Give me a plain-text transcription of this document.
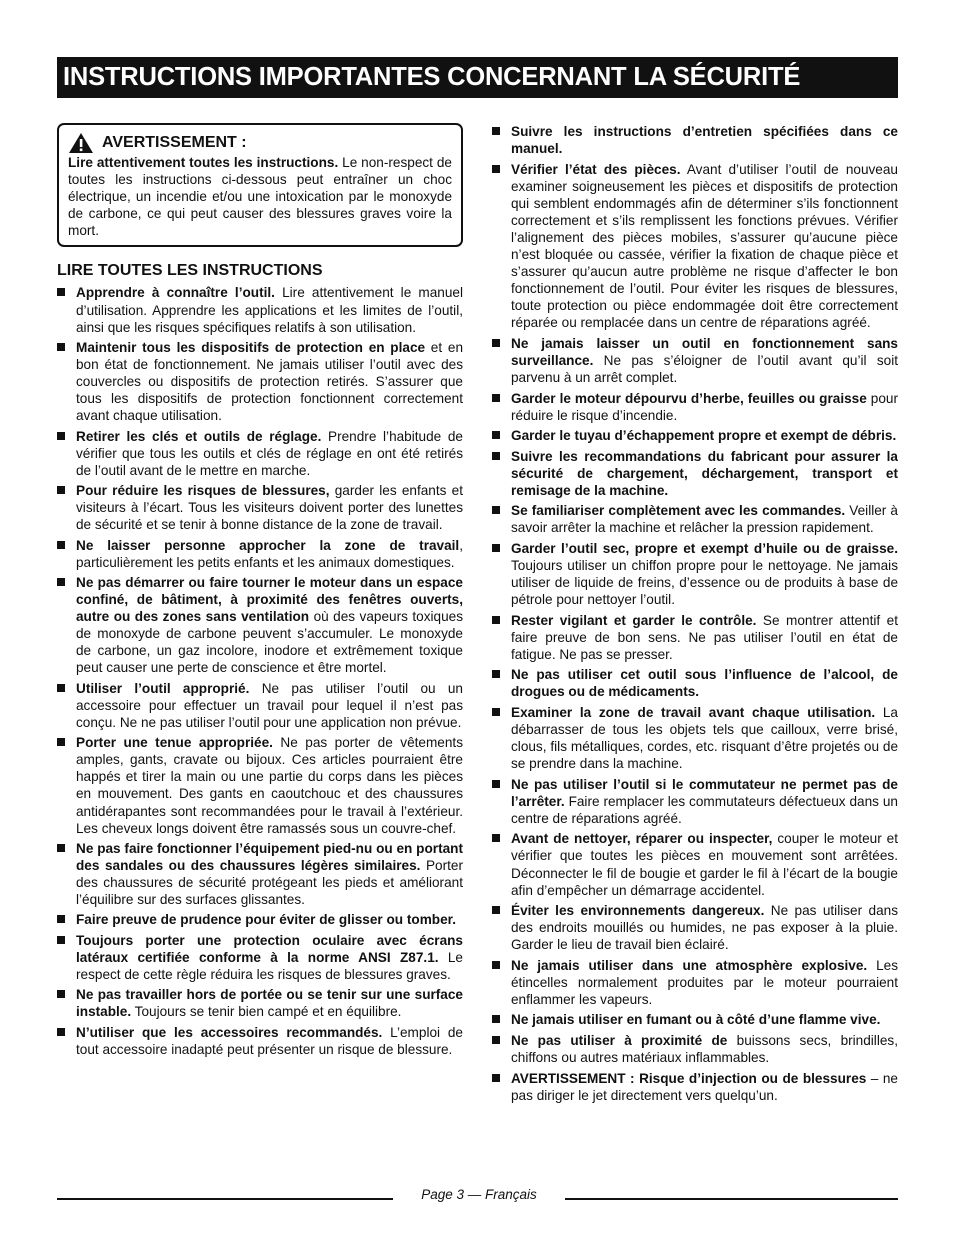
INSTRUCTIONS IMPORTANTES CONCERNANT LA SÉCURITÉ
AVERTISSEMENT :
Lire attentivement toutes les instructions. Le non-respect de toutes les instructions ci-dessous peut entraîner un choc électrique, un incendie et/ou une intoxication par le monoxyde de carbone, ce qui peut causer des blessures graves voire la mort.
LIRE TOUTES LES INSTRUCTIONS
Apprendre à connaître l’outil. Lire attentivement le manuel d’utilisation. Apprendre les applications et les limites de l’outil, ainsi que les risques spécifiques relatifs à son utilisation.
Maintenir tous les dispositifs de protection en place et en bon état de fonctionnement. Ne jamais utiliser l’outil avec des couvercles ou dispositifs de protection retirés. S’assurer que tous les dispositifs de protection fonctionnent correctement avant chaque utilisation.
Retirer les clés et outils de réglage. Prendre l’habitude de vérifier que tous les outils et clés de réglage en ont été retirés de l’outil avant de le mettre en marche.
Pour réduire les risques de blessures, garder les enfants et visiteurs à l’écart. Tous les visiteurs doivent porter des lunettes de sécurité et se tenir à bonne distance de la zone de travail.
Ne laisser personne approcher la zone de travail, particulièrement les petits enfants et les animaux domestiques.
Ne pas démarrer ou faire tourner le moteur dans un espace confiné, de bâtiment, à proximité des fenêtres ouverts, autre ou des zones sans ventilation où des vapeurs toxiques de monoxyde de carbone peuvent s’accumuler. Le monoxyde de carbone, un gaz incolore, inodore et extrêmement toxique peut causer une perte de conscience et être mortel.
Utiliser l’outil approprié. Ne pas utiliser l’outil ou un accessoire pour effectuer un travail pour lequel il n’est pas conçu. Ne ne pas utiliser l’outil pour une application non prévue.
Porter une tenue appropriée. Ne pas porter de vêtements amples, gants, cravate ou bijoux. Ces articles pourraient être happés et tirer la main ou une partie du corps dans les pièces en mouvement. Des gants en caoutchouc et des chaussures antidérapantes sont recommandées pour le travail à l’extérieur. Les cheveux longs doivent être ramassés sous un couvre-chef.
Ne pas faire fonctionner l’équipement pied-nu ou en portant des sandales ou des chaussures légères similaires. Porter des chaussures de sécurité protégeant les pieds et améliorant l’équilibre sur des surfaces glissantes.
Faire preuve de prudence pour éviter de glisser ou tomber.
Toujours porter une protection oculaire avec écrans latéraux certifiée conforme à la norme ANSI Z87.1. Le respect de cette règle réduira les risques de blessures graves.
Ne pas travailler hors de portée ou se tenir sur une surface instable. Toujours se tenir bien campé et en équilibre.
N’utiliser que les accessoires recommandés. L’emploi de tout accessoire inadapté peut présenter un risque de blessure.
Suivre les instructions d’entretien spécifiées dans ce manuel.
Vérifier l’état des pièces. Avant d’utiliser l’outil de nouveau examiner soigneusement les pièces et dispositifs de protection qui semblent endommagés afin de déterminer s’ils fonctionnent correctement et s’ils remplissent les fonctions prévues. Vérifier l’alignement des pièces mobiles, s’assurer qu’aucune pièce n’est bloquée ou cassée, vérifier la fixation de chaque pièce et s’assurer qu’aucun autre problème ne risque d’affecter le bon fonctionnement de l’outil. Pour éviter les risques de blessures, toute protection ou pièce endommagée doit être correctement réparée ou remplacée dans un centre de réparations agréé.
Ne jamais laisser un outil en fonctionnement sans surveillance. Ne pas s’éloigner de l’outil avant qu’il soit parvenu à un arrêt complet.
Garder le moteur dépourvu d’herbe, feuilles ou graisse pour réduire le risque d’incendie.
Garder le tuyau d’échappement propre et exempt de débris.
Suivre les recommandations du fabricant pour assurer la sécurité de chargement, déchargement, transport et remisage de la machine.
Se familiariser complètement avec les commandes. Veiller à savoir arrêter la machine et relâcher la pression rapidement.
Garder l’outil sec, propre et exempt d’huile ou de graisse. Toujours utiliser un chiffon propre pour le nettoyage. Ne jamais utiliser de liquide de freins, d’essence ou de produits à base de pétrole pour nettoyer l’outil.
Rester vigilant et garder le contrôle. Se montrer attentif et faire preuve de bon sens. Ne pas utiliser l’outil en état de fatigue. Ne pas se presser.
Ne pas utiliser cet outil sous l’influence de l’alcool, de drogues ou de médicaments.
Examiner la zone de travail avant chaque utilisation. La débarrasser de tous les objets tels que cailloux, verre brisé, clous, fils métalliques, cordes, etc. risquant d’être projetés ou de se prendre dans la machine.
Ne pas utiliser l’outil si le commutateur ne permet pas de l’arrêter. Faire remplacer les commutateurs défectueux dans un centre de réparations agréé.
Avant de nettoyer, réparer ou inspecter, couper le moteur et vérifier que toutes les pièces en mouvement sont arrêtées. Déconnecter le fil de bougie et garder le fil à l’écart de la bougie afin d’empêcher un démarrage accidentel.
Éviter les environnements dangereux. Ne pas utiliser dans des endroits mouillés ou humides, ne pas exposer à la pluie. Garder le lieu de travail bien éclairé.
Ne jamais utiliser dans une atmosphère explosive. Les étincelles normalement produites par le moteur pourraient enflammer les vapeurs.
Ne jamais utiliser en fumant ou à côté d’une flamme vive.
Ne pas utiliser à proximité de buissons secs, brindilles, chiffons ou autres matériaux inflammables.
AVERTISSEMENT : Risque d’injection ou de blessures – ne pas diriger le jet directement vers quelqu’un.
Page 3 — Français
